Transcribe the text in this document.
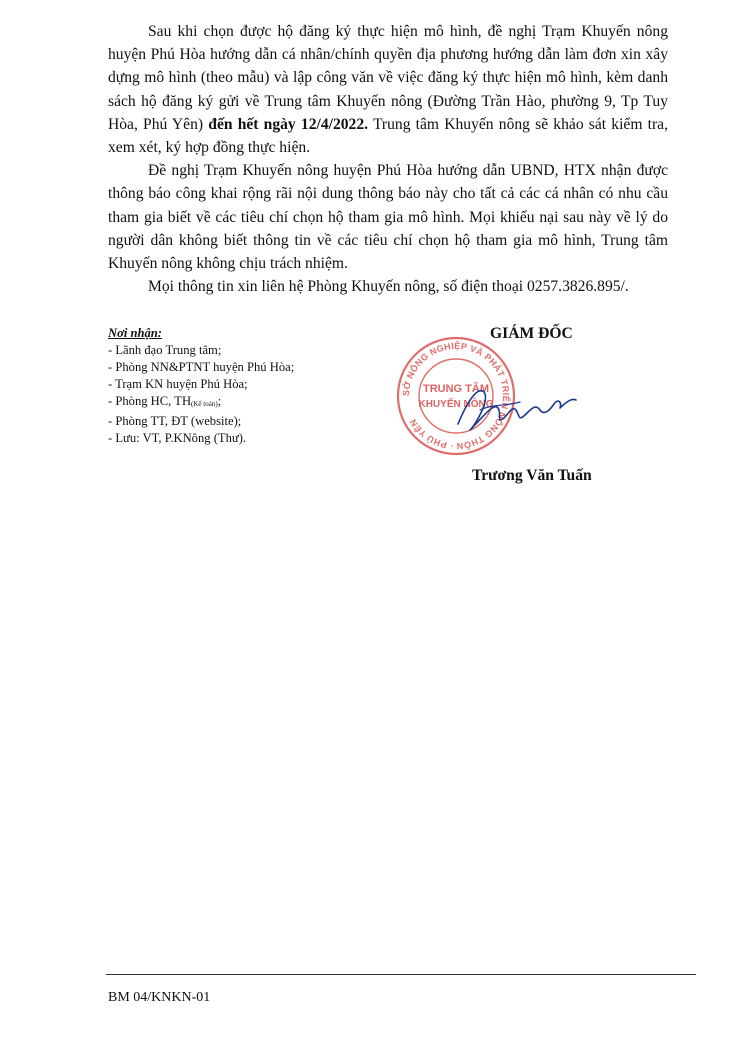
Sau khi chọn được hộ đăng ký thực hiện mô hình, đề nghị Trạm Khuyến nông huyện Phú Hòa hướng dẫn cá nhân/chính quyền địa phương hướng dẫn làm đơn xin xây dựng mô hình (theo mẫu) và lập công văn về việc đăng ký thực hiện mô hình, kèm danh sách hộ đăng ký gửi về Trung tâm Khuyến nông (Đường Trần Hào, phường 9, Tp Tuy Hòa, Phú Yên) đến hết ngày 12/4/2022. Trung tâm Khuyến nông sẽ khảo sát kiểm tra, xem xét, ký hợp đồng thực hiện.

Đề nghị Trạm Khuyến nông huyện Phú Hòa hướng dẫn UBND, HTX nhận được thông báo công khai rộng rãi nội dung thông báo này cho tất cả các cá nhân có nhu cầu tham gia biết về các tiêu chí chọn hộ tham gia mô hình. Mọi khiếu nại sau này về lý do người dân không biết thông tin về các tiêu chí chọn hộ tham gia mô hình, Trung tâm Khuyến nông không chịu trách nhiệm.

Mọi thông tin xin liên hệ Phòng Khuyến nông, số điện thoại 0257.3826.895/.

Nơi nhận:
- Lãnh đạo Trung tâm;
- Phòng NN&PTNT huyện Phú Hòa;
- Trạm KN huyện Phú Hòa;
- Phòng HC, $TH_{(Kế toán)}$;
- Phòng TT, ĐT (website);
- Lưu: VT, P.KNông (Thư).
GIÁM ĐỐC
SỞ NÔNG NGHIỆP VÀ PHÁT TRIỂN NÔNG THÔN · PHÚ YÊN
TRUNG TÂM
KHUYẾN NÔNG
Trương Văn Tuấn
BM 04/KNKN-01
